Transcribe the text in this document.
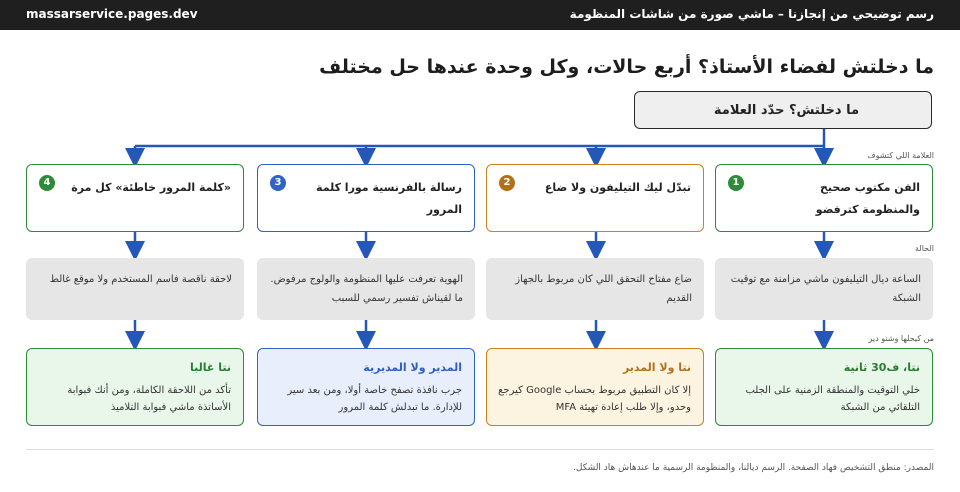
رسم توضيحي من إنجازنا – ماشي صورة من شاشات المنظومة
massarservice.pages.dev
ما دخلتش لفضاء الأستاذ؟ أربع حالات، وكل وحدة عندها حل مختلف
ما دخلتش؟ حدّد العلامة
العلامة اللي كتشوف
الحالة
من كيحلها وشنو دير
1	الفن مكتوب صحيح والمنظومة كترفضو
الساعة ديال التيليفون ماشي مزامنة مع توقيت الشبكة
نتا، ف30 ثانية
خلي التوقيت والمنطقة الزمنية على الجلب التلقائي من الشبكة
2	تبدّل ليك التيليفون ولا ضاع
ضاع مفتاح التحقق اللي كان مربوط بالجهاز القديم
نتا ولا المدير
إلا كان التطبيق مربوط بحساب Google كيرجع وحدو، وإلا طلب إعادة تهيئة MFA
3	رسالة بالفرنسية مورا كلمة المرور
الهوية تعرفت عليها المنظومة والولوج مرفوض. ما لقيناش تفسير رسمي للسبب
المدير ولا المديرية
جرب نافذة تصفح خاصة أولا، ومن بعد سير للإدارة. ما تبدلش كلمة المرور
4	«كلمة المرور خاطئة» كل مرة
لاحقة ناقصة فاسم المستخدم ولا موقع غالط
نتا غالبا
تأكد من اللاحقة الكاملة، ومن أنك فبوابة الأساتذة ماشي فبوابة التلاميذ
المصدر: منطق التشخيص فهاد الصفحة. الرسم ديالنا، والمنظومة الرسمية ما عندهاش هاد الشكل.
